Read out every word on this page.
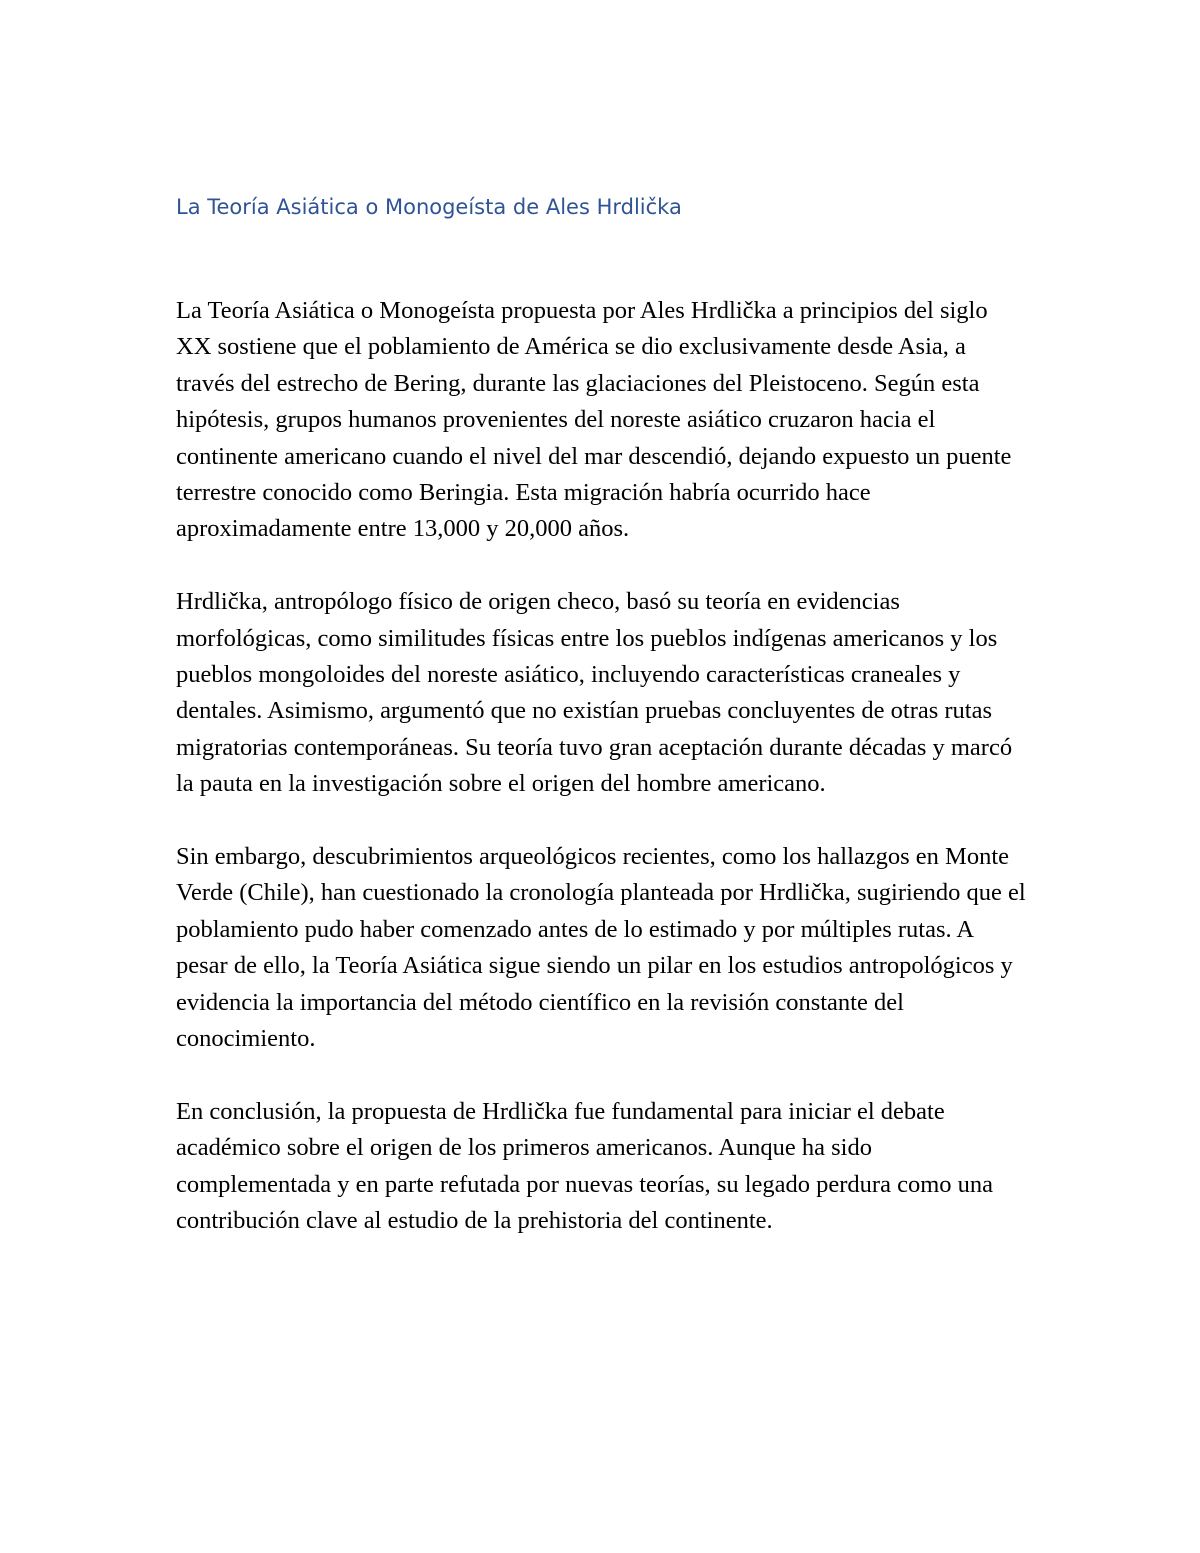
La Teoría Asiática o Monogeísta de Ales Hrdlička

La Teoría Asiática o Monogeísta propuesta por Ales Hrdlička a principios del siglo XX sostiene que el poblamiento de América se dio exclusivamente desde Asia, a través del estrecho de Bering, durante las glaciaciones del Pleistoceno. Según esta hipótesis, grupos humanos provenientes del noreste asiático cruzaron hacia el continente americano cuando el nivel del mar descendió, dejando expuesto un puente terrestre conocido como Beringia. Esta migración habría ocurrido hace aproximadamente entre 13,000 y 20,000 años.

Hrdlička, antropólogo físico de origen checo, basó su teoría en evidencias morfológicas, como similitudes físicas entre los pueblos indígenas americanos y los pueblos mongoloides del noreste asiático, incluyendo características craneales y dentales. Asimismo, argumentó que no existían pruebas concluyentes de otras rutas migratorias contemporáneas. Su teoría tuvo gran aceptación durante décadas y marcó la pauta en la investigación sobre el origen del hombre americano.

Sin embargo, descubrimientos arqueológicos recientes, como los hallazgos en Monte Verde (Chile), han cuestionado la cronología planteada por Hrdlička, sugiriendo que el poblamiento pudo haber comenzado antes de lo estimado y por múltiples rutas. A pesar de ello, la Teoría Asiática sigue siendo un pilar en los estudios antropológicos y evidencia la importancia del método científico en la revisión constante del conocimiento.

En conclusión, la propuesta de Hrdlička fue fundamental para iniciar el debate académico sobre el origen de los primeros americanos. Aunque ha sido complementada y en parte refutada por nuevas teorías, su legado perdura como una contribución clave al estudio de la prehistoria del continente.
